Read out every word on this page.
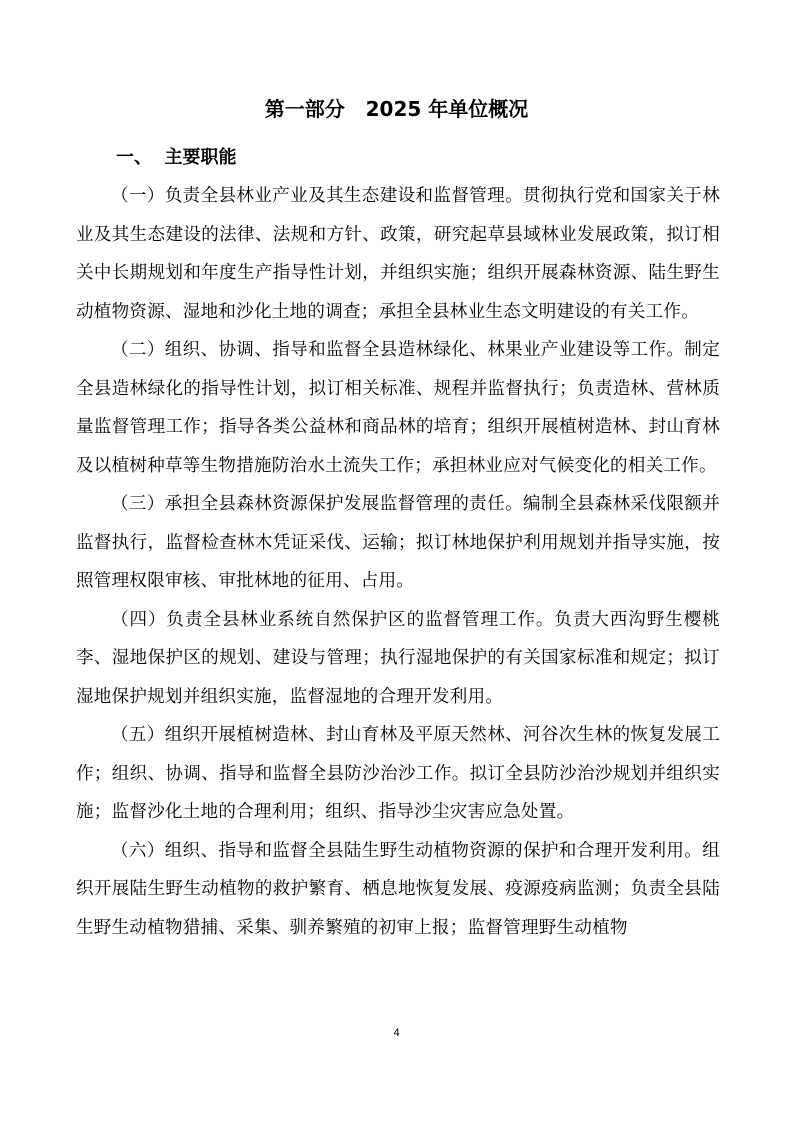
第一部分   2025 年单位概况
一、  主要职能

（一）负责全县林业产业及其生态建设和监督管理。贯彻执行党和国家关于林业及其生态建设的法律、法规和方针、政策，研究起草县域林业发展政策，拟订相关中长期规划和年度生产指导性计划，并组织实施；组织开展森林资源、陆生野生动植物资源、湿地和沙化土地的调查；承担全县林业生态文明建设的有关工作。

（二）组织、协调、指导和监督全县造林绿化、林果业产业建设等工作。制定全县造林绿化的指导性计划，拟订相关标准、规程并监督执行；负责造林、营林质量监督管理工作；指导各类公益林和商品林的培育；组织开展植树造林、封山育林及以植树种草等生物措施防治水土流失工作；承担林业应对气候变化的相关工作。

（三）承担全县森林资源保护发展监督管理的责任。编制全县森林采伐限额并监督执行，监督检查林木凭证采伐、运输；拟订林地保护利用规划并指导实施，按照管理权限审核、审批林地的征用、占用。

（四）负责全县林业系统自然保护区的监督管理工作。负责大西沟野生樱桃李、湿地保护区的规划、建设与管理；执行湿地保护的有关国家标准和规定；拟订湿地保护规划并组织实施，监督湿地的合理开发利用。

（五）组织开展植树造林、封山育林及平原天然林、河谷次生林的恢复发展工作；组织、协调、指导和监督全县防沙治沙工作。拟订全县防沙治沙规划并组织实施；监督沙化土地的合理利用；组织、指导沙尘灾害应急处置。

（六）组织、指导和监督全县陆生野生动植物资源的保护和合理开发利用。组织开展陆生野生动植物的救护繁育、栖息地恢复发展、疫源疫病监测；负责全县陆生野生动植物猎捕、采集、驯养繁殖的初审上报；监督管理野生动植物

4
